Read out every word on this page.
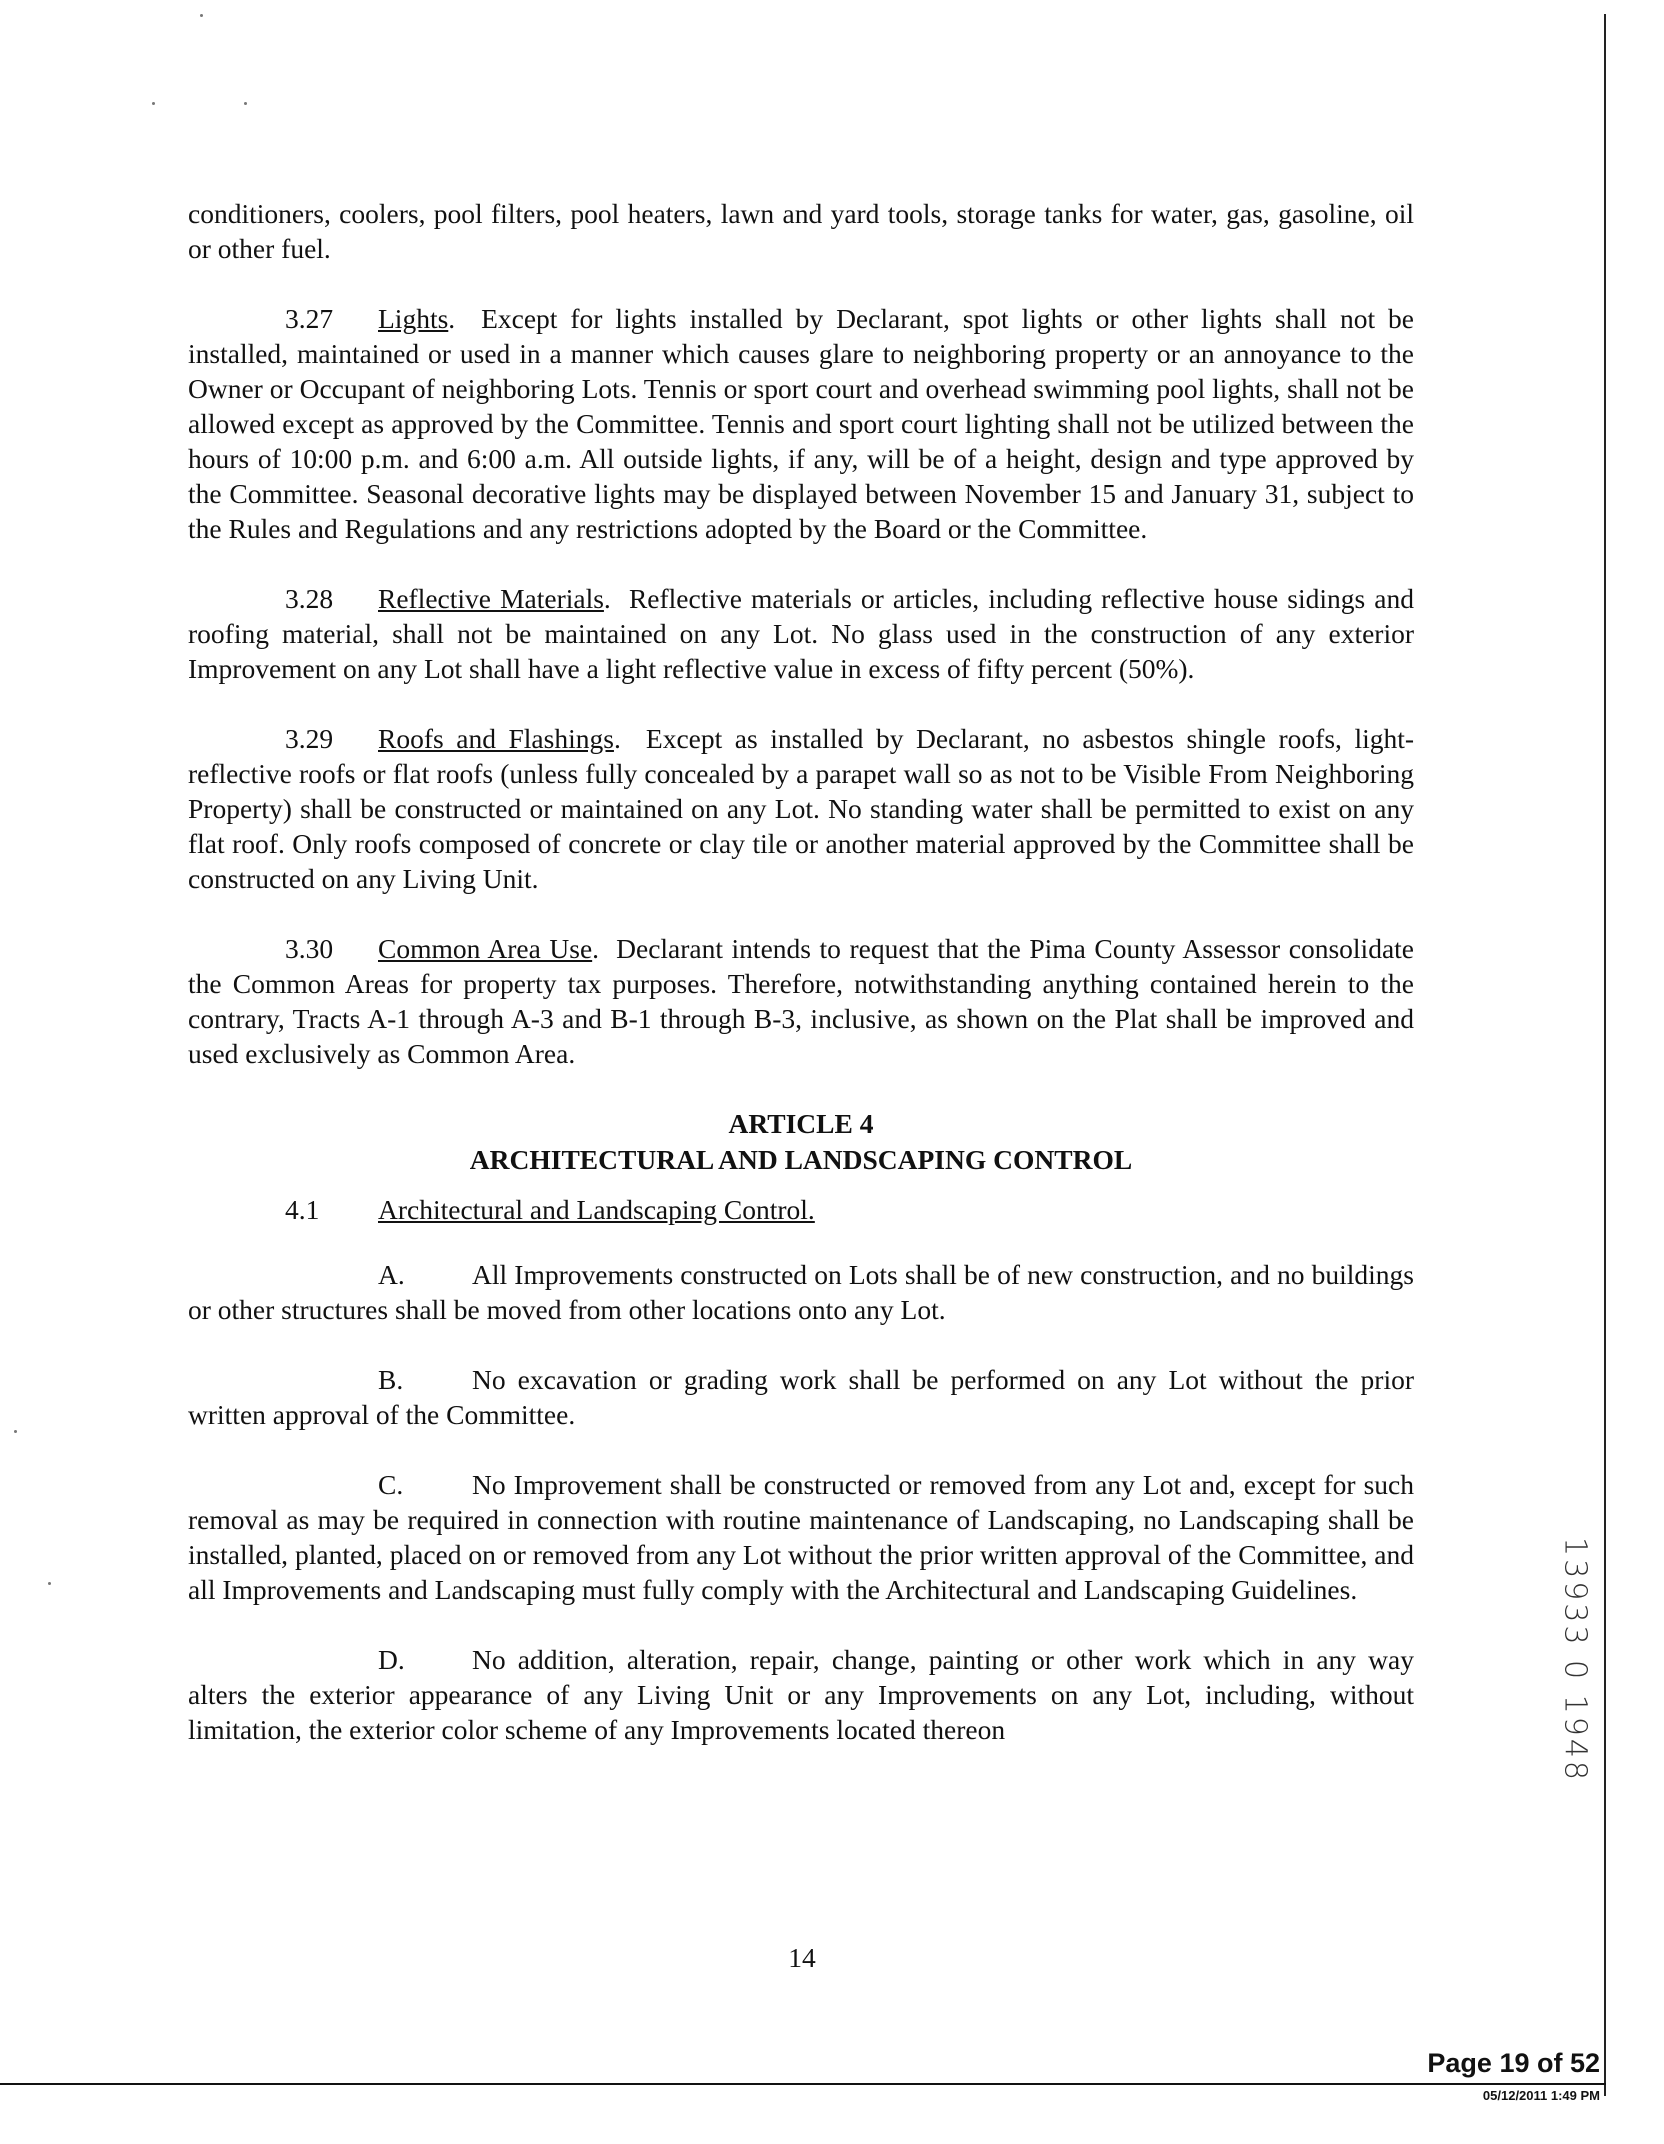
conditioners, coolers, pool filters, pool heaters, lawn and yard tools, storage tanks for water, gas, gasoline, oil or other fuel.

3.27 Lights.  Except for lights installed by Declarant, spot lights or other lights shall not be installed, maintained or used in a manner which causes glare to neighboring property or an annoyance to the Owner or Occupant of neighboring Lots. Tennis or sport court and overhead swimming pool lights, shall not be allowed except as approved by the Committee. Tennis and sport court lighting shall not be utilized between the hours of 10:00 p.m. and 6:00 a.m. All outside lights, if any, will be of a height, design and type approved by the Committee. Seasonal decorative lights may be displayed between November 15 and January 31, subject to the Rules and Regulations and any restrictions adopted by the Board or the Committee.

3.28 Reflective Materials.  Reflective materials or articles, including reflective house sidings and roofing material, shall not be maintained on any Lot. No glass used in the construction of any exterior Improvement on any Lot shall have a light reflective value in excess of fifty percent (50%).

3.29 Roofs and Flashings.  Except as installed by Declarant, no asbestos shingle roofs, light-reflective roofs or flat roofs (unless fully concealed by a parapet wall so as not to be Visible From Neighboring Property) shall be constructed or maintained on any Lot. No standing water shall be permitted to exist on any flat roof. Only roofs composed of concrete or clay tile or another material approved by the Committee shall be constructed on any Living Unit.

3.30 Common Area Use.  Declarant intends to request that the Pima County Assessor consolidate the Common Areas for property tax purposes. Therefore, notwithstanding anything contained herein to the contrary, Tracts A-1 through A-3 and B-1 through B-3, inclusive, as shown on the Plat shall be improved and used exclusively as Common Area.

ARTICLE 4
ARCHITECTURAL AND LANDSCAPING CONTROL
4.1 Architectural and Landscaping Control.

A. All Improvements constructed on Lots shall be of new construction, and no buildings or other structures shall be moved from other locations onto any Lot.

B.	No excavation or grading work shall be performed on any Lot without the prior written approval of the Committee.

C.	No Improvement shall be constructed or removed from any Lot and, except for such removal as may be required in connection with routine maintenance of Landscaping, no Landscaping shall be installed, planted, placed on or removed from any Lot without the prior written approval of the Committee, and all Improvements and Landscaping must fully comply with the Architectural and Landscaping Guidelines.

D. No addition, alteration, repair, change, painting or other work which in any way alters the exterior appearance of any Living Unit or any Improvements on any Lot, including, without limitation, the exterior color scheme of any Improvements located thereon

14
13933 0 1948
Page 19 of 52
05/12/2011 1:49 PM
